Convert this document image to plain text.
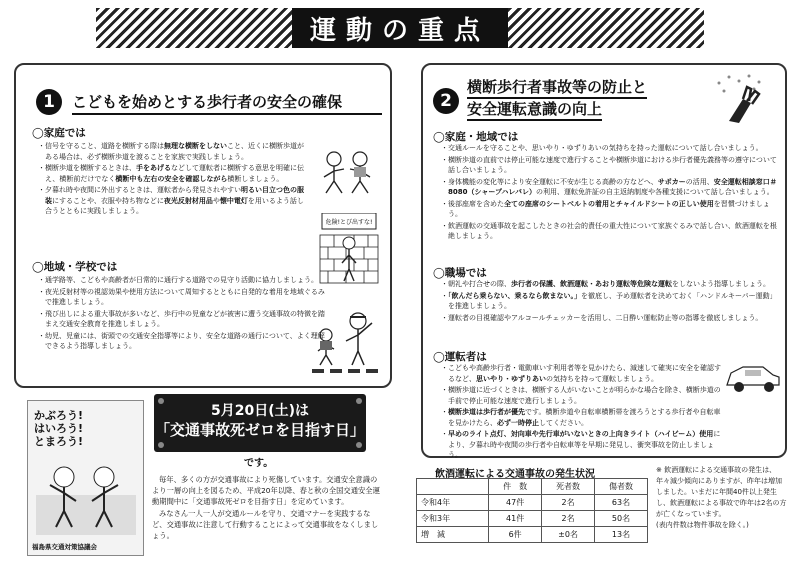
運動の重点
1	こどもを始めとする歩行者の安全の確保
◯家庭では
・ 信号を守ること、道路を横断する際は無理な横断をしないこと、近くに横断歩道がある場合は、必ず横断歩道を渡ることを家族で実践しましょう。
・ 横断歩道を横断するときは、手をあげるなどして運転者に横断する意思を明確に伝え、横断前だけでなく横断中も左右の安全を確認しながら横断しましょう。
・ 夕暮れ時や夜間に外出するときは、運転者から発見されやすい明るい目立つ色の服装にすることや、衣服や持ち物などに夜光反射材用品や懐中電灯を用いるよう話し合うとともに実践しましょう。
◯地域・学校では
・ 通学路等、こどもや高齢者が日常的に通行する道路での見守り活動に協力しましょう。
・ 夜光反射材等の視認効果や使用方法について周知するとともに自発的な着用を地域ぐるみで推進しましょう。
・ 飛び出しによる重大事故が多いなど、歩行中の児童などが被害に遭う交通事故の特徴を踏まえ交通安全教育を推進しましょう。
・ 幼児、児童には、街頭での交通安全指導等により、安全な道路の通行について、よく理解できるよう指導しましょう。
危険!とび出すな!
2
横断歩行者事故等の防止と
安全運転意識の向上
◯家庭・地域では
・ 交通ルールを守ることや、思いやり・ゆずりあいの気持ちを持った運転について話し合いましょう。
・ 横断歩道の直前では停止可能な速度で進行することや横断歩道における歩行者優先義務等の遵守について話し合いましょう。
・ 身体機能の変化等により安全運転に不安が生じる高齢の方などへ、サポカーの活用、安全運転相談窓口＃8080（シャープハレバレ）の利用、運転免許証の自主返納制度や各種支援について話し合いましょう。
・ 後部座席を含めた全ての座席のシートベルトの着用とチャイルドシートの正しい使用を習慣づけましょう。
・ 飲酒運転の交通事故を起こしたときの社会的責任の重大性について家族ぐるみで話し合い、飲酒運転を根絶しましょう。
◯職場では
・ 朝礼や打合せの際、歩行者の保護、飲酒運転・あおり運転等危険な運転をしないよう指導しましょう。
・ 「飲んだら乗らない、乗るなら飲まない。」を徹底し、予め運転者を決めておく「ハンドルキーパー運動」を推進しましょう。
・ 運転者の目視確認やアルコールチェッカーを活用し、二日酔い運転防止等の指導を徹底しましょう。
◯運転者は
・ こどもや高齢歩行者・電動車いす利用者等を見かけたら、減速して確実に安全を確認するなど、思いやり・ゆずりあいの気持ちを持って運転しましょう。
・ 横断歩道に近づくときは、横断する人がいないことが明らかな場合を除き、横断歩道の手前で停止可能な速度で進行しましょう。
・ 横断歩道は歩行者が優先です。横断歩道や自転車横断帯を渡ろうとする歩行者や自転車を見かけたら、必ず一時停止してください。
・ 早めのライト点灯、対向車や先行車がいないときの上向きライト（ハイビーム）使用により、夕暮れ時や夜間の歩行者や自転車等を早期に発見し、衝突事故を防止しましょう。
かぶろう!
はいろう!
とまろう!
福島県交通対策協議会
5月20日(土)は
「交通事故死ゼロを目指す日」
です。

毎年、多くの方が交通事故により死傷しています。交通安全意識のより一層の向上を図るため、平成20年以降、春と秋の全国交通安全運動期間中に「交通事故死ゼロを目指す日」を定めています。

みなさん一人一人が交通ルールを守り、交通マナーを実践するなど、交通事故に注意して行動することによって交通事故をなくしましょう。

飲酒運転による交通事故の発生状況
	件　数	死者数	傷者数
令和4年	47件	2名	63名
令和3年	41件	2名	50名
増　減	6件	±0名	13名
※ 飲酒運転による交通事故の発生は、年々減少傾向にありますが、昨年は増加しました。いまだに年間40件以上発生し、飲酒運転による事故で昨年は2名の方が亡くなっています。
(表内件数は物件事故を除く。)
